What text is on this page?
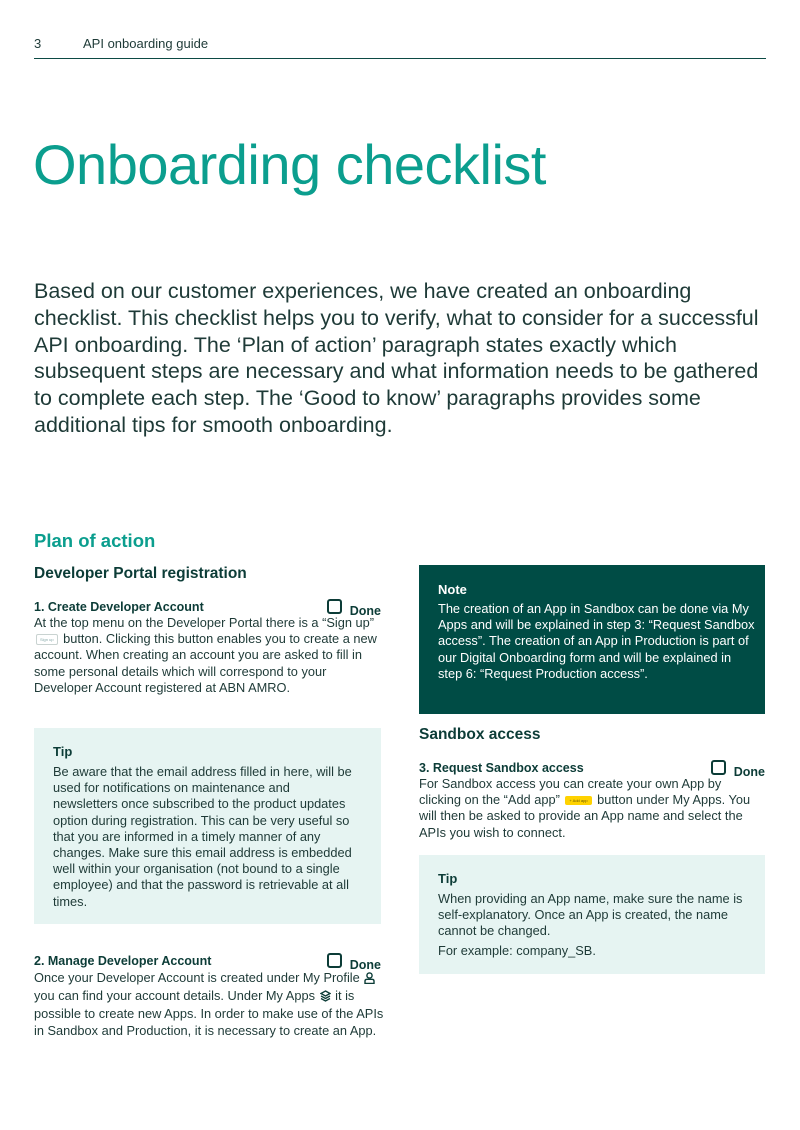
3	API onboarding guide
Onboarding checklist

Based on our customer experiences, we have created an onboarding checklist. This checklist helps you to verify, what to consider for a successful API onboarding. The ‘Plan of action’ paragraph states exactly which subsequent steps are necessary and what information needs to be gathered to complete each step. The ‘Good to know’ paragraphs provides some additional tips for smooth onboarding.

Plan of action
Developer Portal registration
1. Create Developer Account	Done

At the top menu on the Developer Portal there is a “Sign up” Sign up button. Clicking this button enables you to create a new account. When creating an account you are asked to fill in some personal details which will correspond to your Developer Account registered at ABN AMRO.

Tip
Be aware that the email address filled in here, will be used for notifications on maintenance and newsletters once subscribed to the product updates option during registration. This can be very useful so that you are informed in a timely manner of any changes. Make sure this email address is embedded well within your organisation (not bound to a single employee) and that the password is retrievable at all times.
2. Manage Developer Account	Done

Once your Developer Account is created under My Profile  you can find your account details. Under My Apps it is possible to create new Apps. In order to make use of the APIs in Sandbox and Production, it is necessary to create an App.

Note
The creation of an App in Sandbox can be done via My Apps and will be explained in step 3: “Request Sandbox access”. The creation of an App in Production is part of our Digital Onboarding form and will be explained in step 6: “Request Production access”.
Sandbox access
3. Request Sandbox access	Done

For Sandbox access you can create your own App by clicking on the “Add app” + Add app button under My Apps. You will then be asked to provide an App name and select the APIs you wish to connect.

Tip
When providing an App name, make sure the name is self-explanatory. Once an App is created, the name cannot be changed.
For example: company_SB.
